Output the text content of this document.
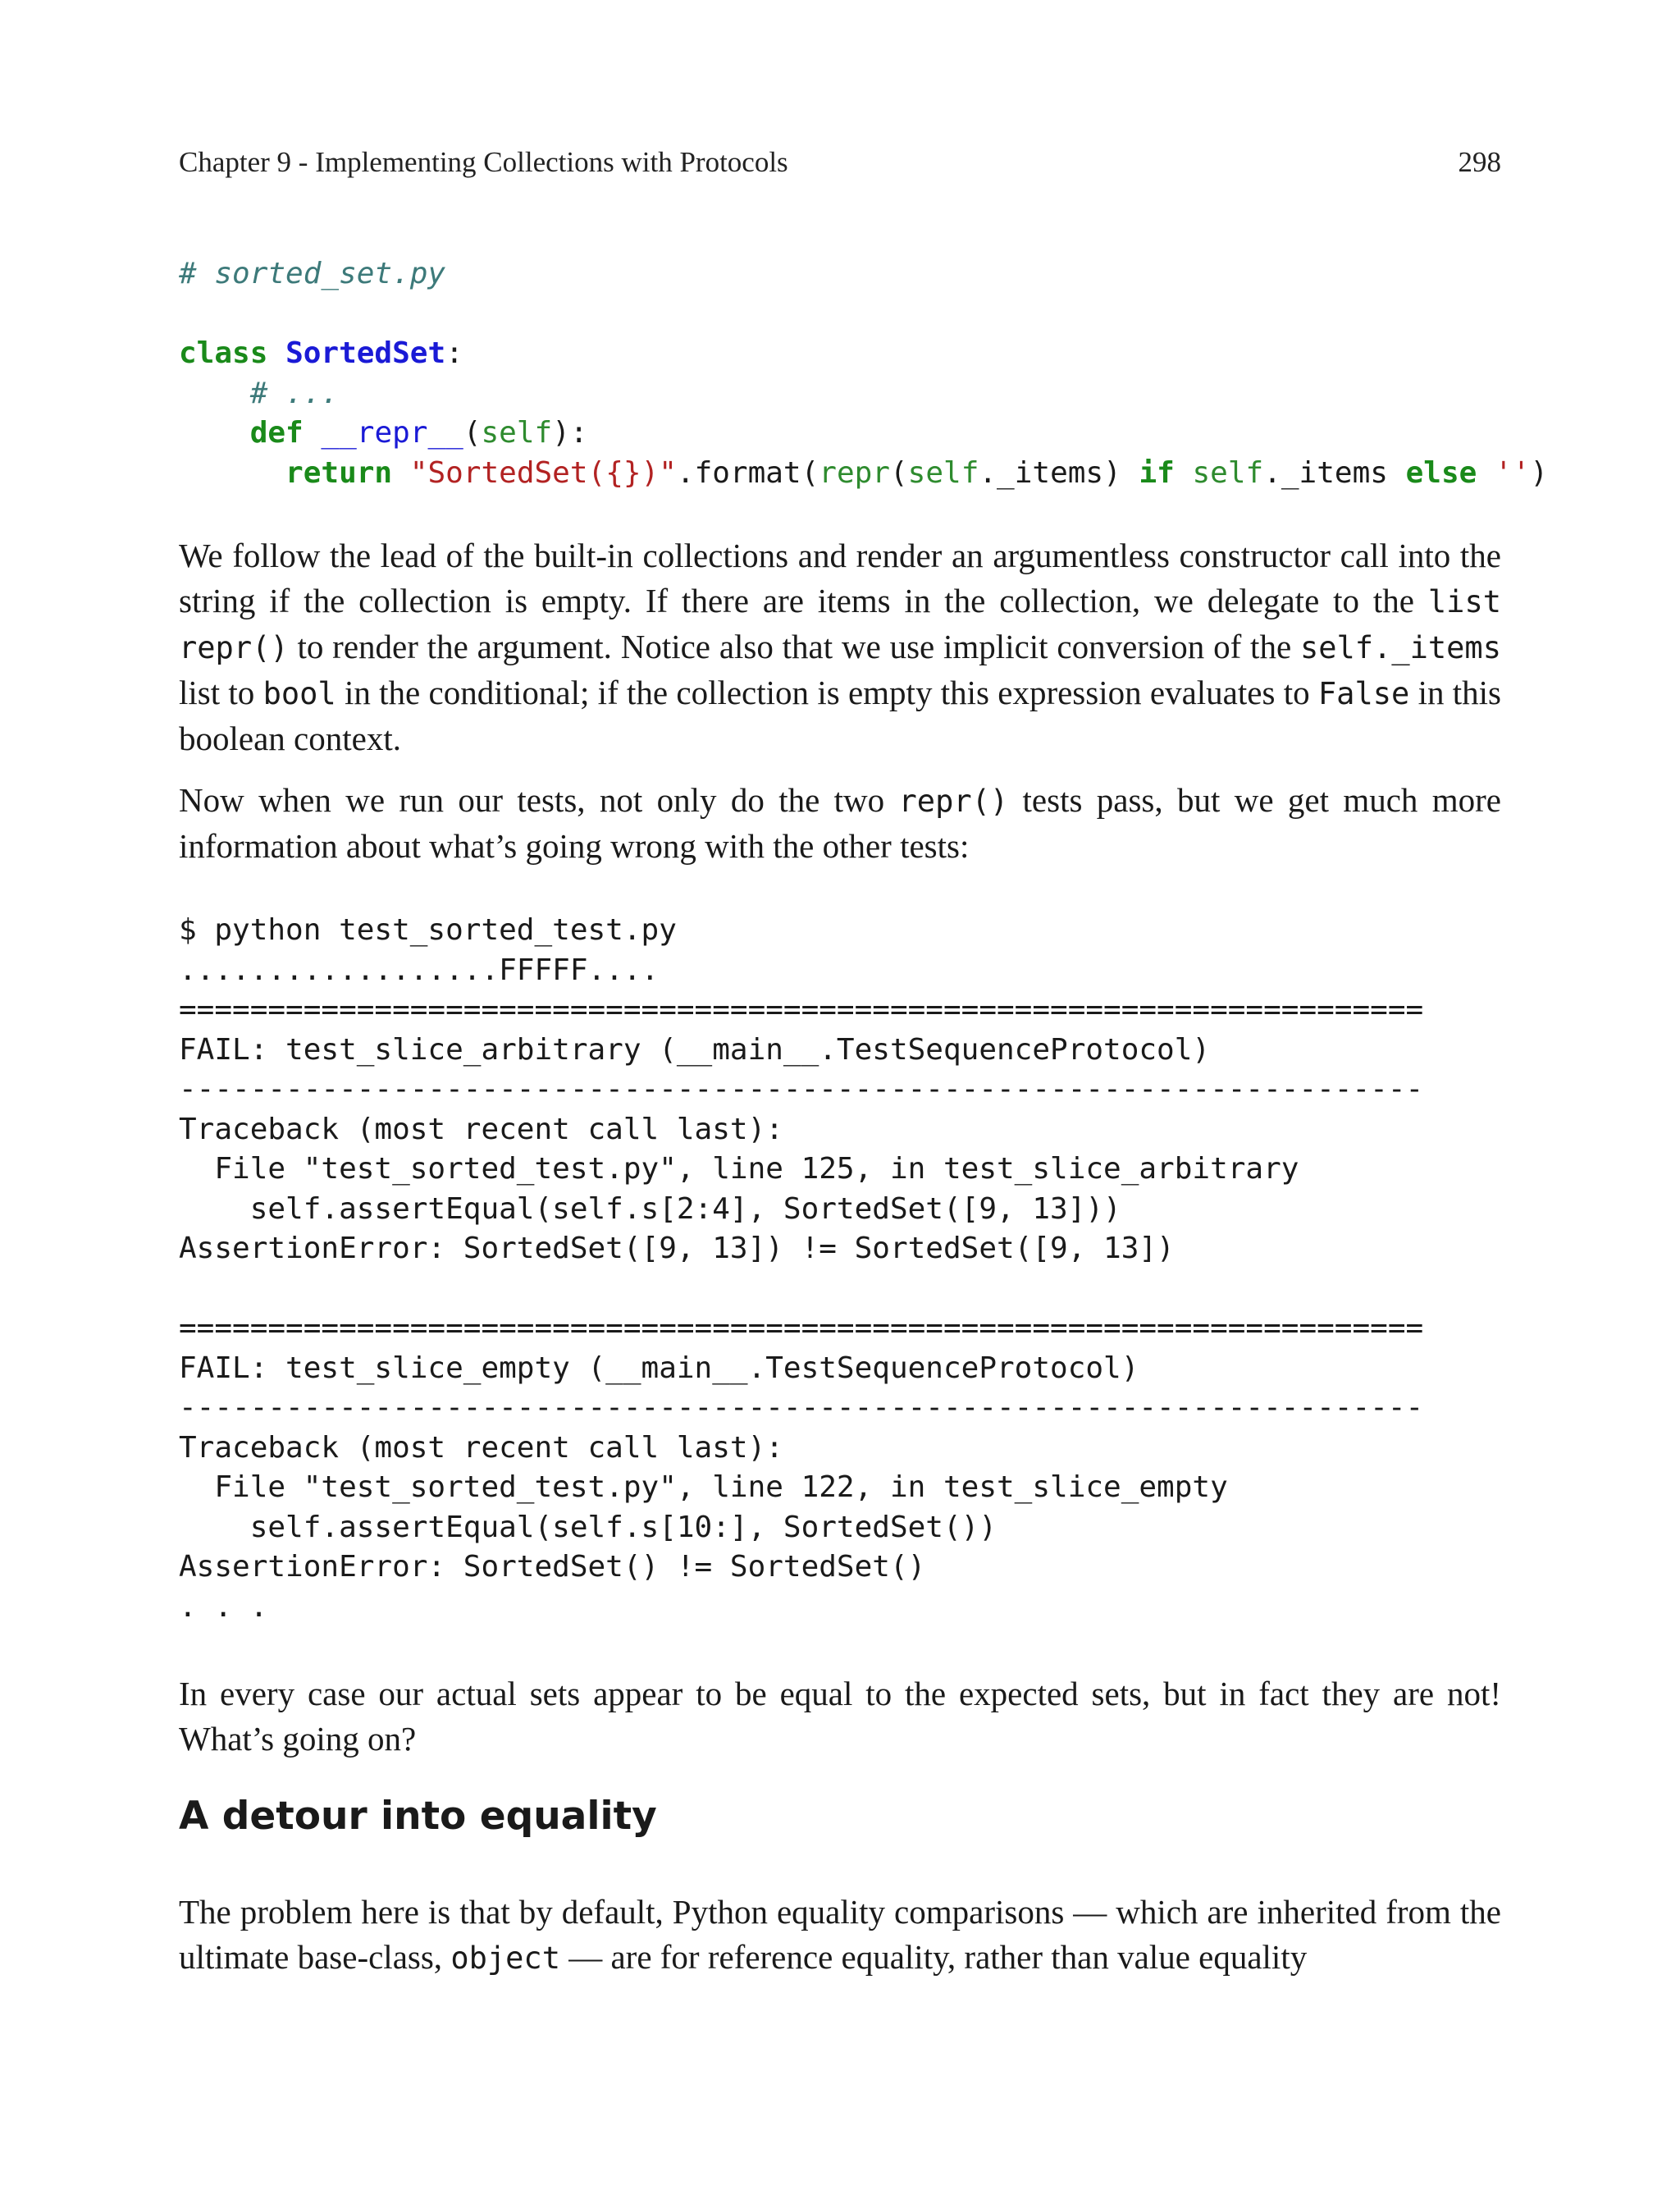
Chapter 9 - Implementing Collections with Protocols	298
# sorted_set.py

class SortedSet:
# ...
def __repr__(self):
return "SortedSet({})".format(repr(self._items) if self._items else '')

We follow the lead of the built-in collections and render an argumentless constructor call into the string if the collection is empty. If there are items in the collection, we delegate to the list repr() to render the argument. Notice also that we use implicit conversion of the self._items list to bool in the conditional; if the collection is empty this expression evaluates to False in this boolean context.

Now when we run our tests, not only do the two repr() tests pass, but we get much more information about what’s going wrong with the other tests:

$ python test_sorted_test.py
..................FFFFF....
======================================================================
FAIL: test_slice_arbitrary (__main__.TestSequenceProtocol)
----------------------------------------------------------------------
Traceback (most recent call last):
File "test_sorted_test.py", line 125, in test_slice_arbitrary
self.assertEqual(self.s[2:4], SortedSet([9, 13]))
AssertionError: SortedSet([9, 13]) != SortedSet([9, 13])

======================================================================
FAIL: test_slice_empty (__main__.TestSequenceProtocol)
----------------------------------------------------------------------
Traceback (most recent call last):
File "test_sorted_test.py", line 122, in test_slice_empty
self.assertEqual(self.s[10:], SortedSet())
AssertionError: SortedSet() != SortedSet()
. . .

In every case our actual sets appear to be equal to the expected sets, but in fact they are not! What’s going on?

A detour into equality

The problem here is that by default, Python equality comparisons — which are inherited from the ultimate base-class, object — are for reference equality, rather than value equality
